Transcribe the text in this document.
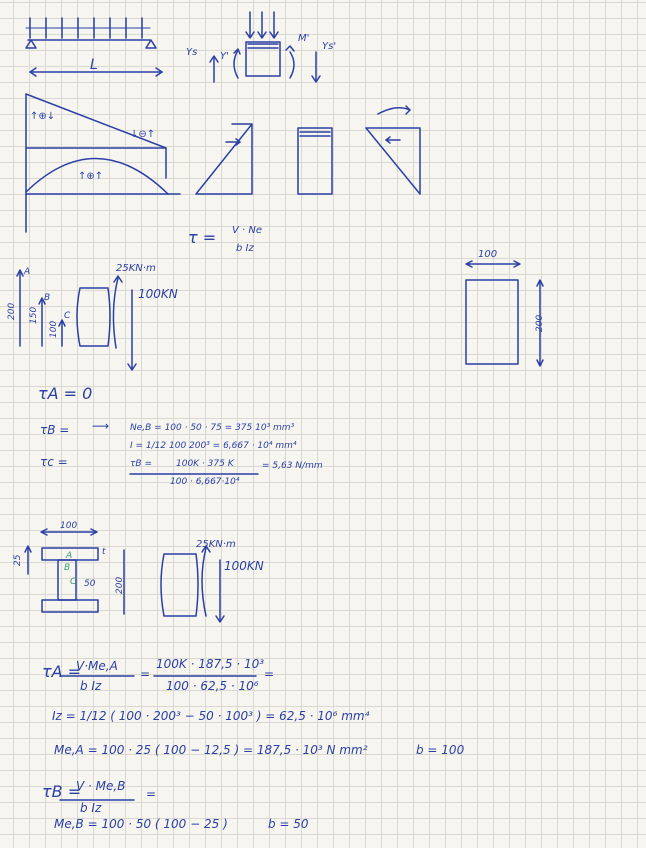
L
Ys Y'
M'
Ys'
↑⊕↓
↓⊖↑
↑⊕↑
τ = V · Ne
b Iz
25KN·m
100KN
200 150
100
A
B
C
100
200
τA = 0
τB =
τc =
⟶ Ne,B = 100 · 50 · 75 = 375 10³ mm³
I = 1/12 100 200³ = 6,667 · 10⁴ mm⁴
τB =	100K · 375 K
100 · 6,667·10⁴
= 5,63 N/mm
100
200
50
25	A
B
C
t
25KN·m
100KN
τA =
V·Me,A
b Iz
=
100K · 187,5 · 10³
100 · 62,5 · 10⁶
=
Iz = 1/12 ( 100 · 200³ − 50 · 100³ ) = 62,5 · 10⁶ mm⁴
Me,A = 100 · 25 ( 100 − 12,5 ) = 187,5 · 10³ N mm²	b = 100
τB =
V · Me,B
b Iz
=
Me,B = 100 · 50 ( 100 − 25 )	b = 50
